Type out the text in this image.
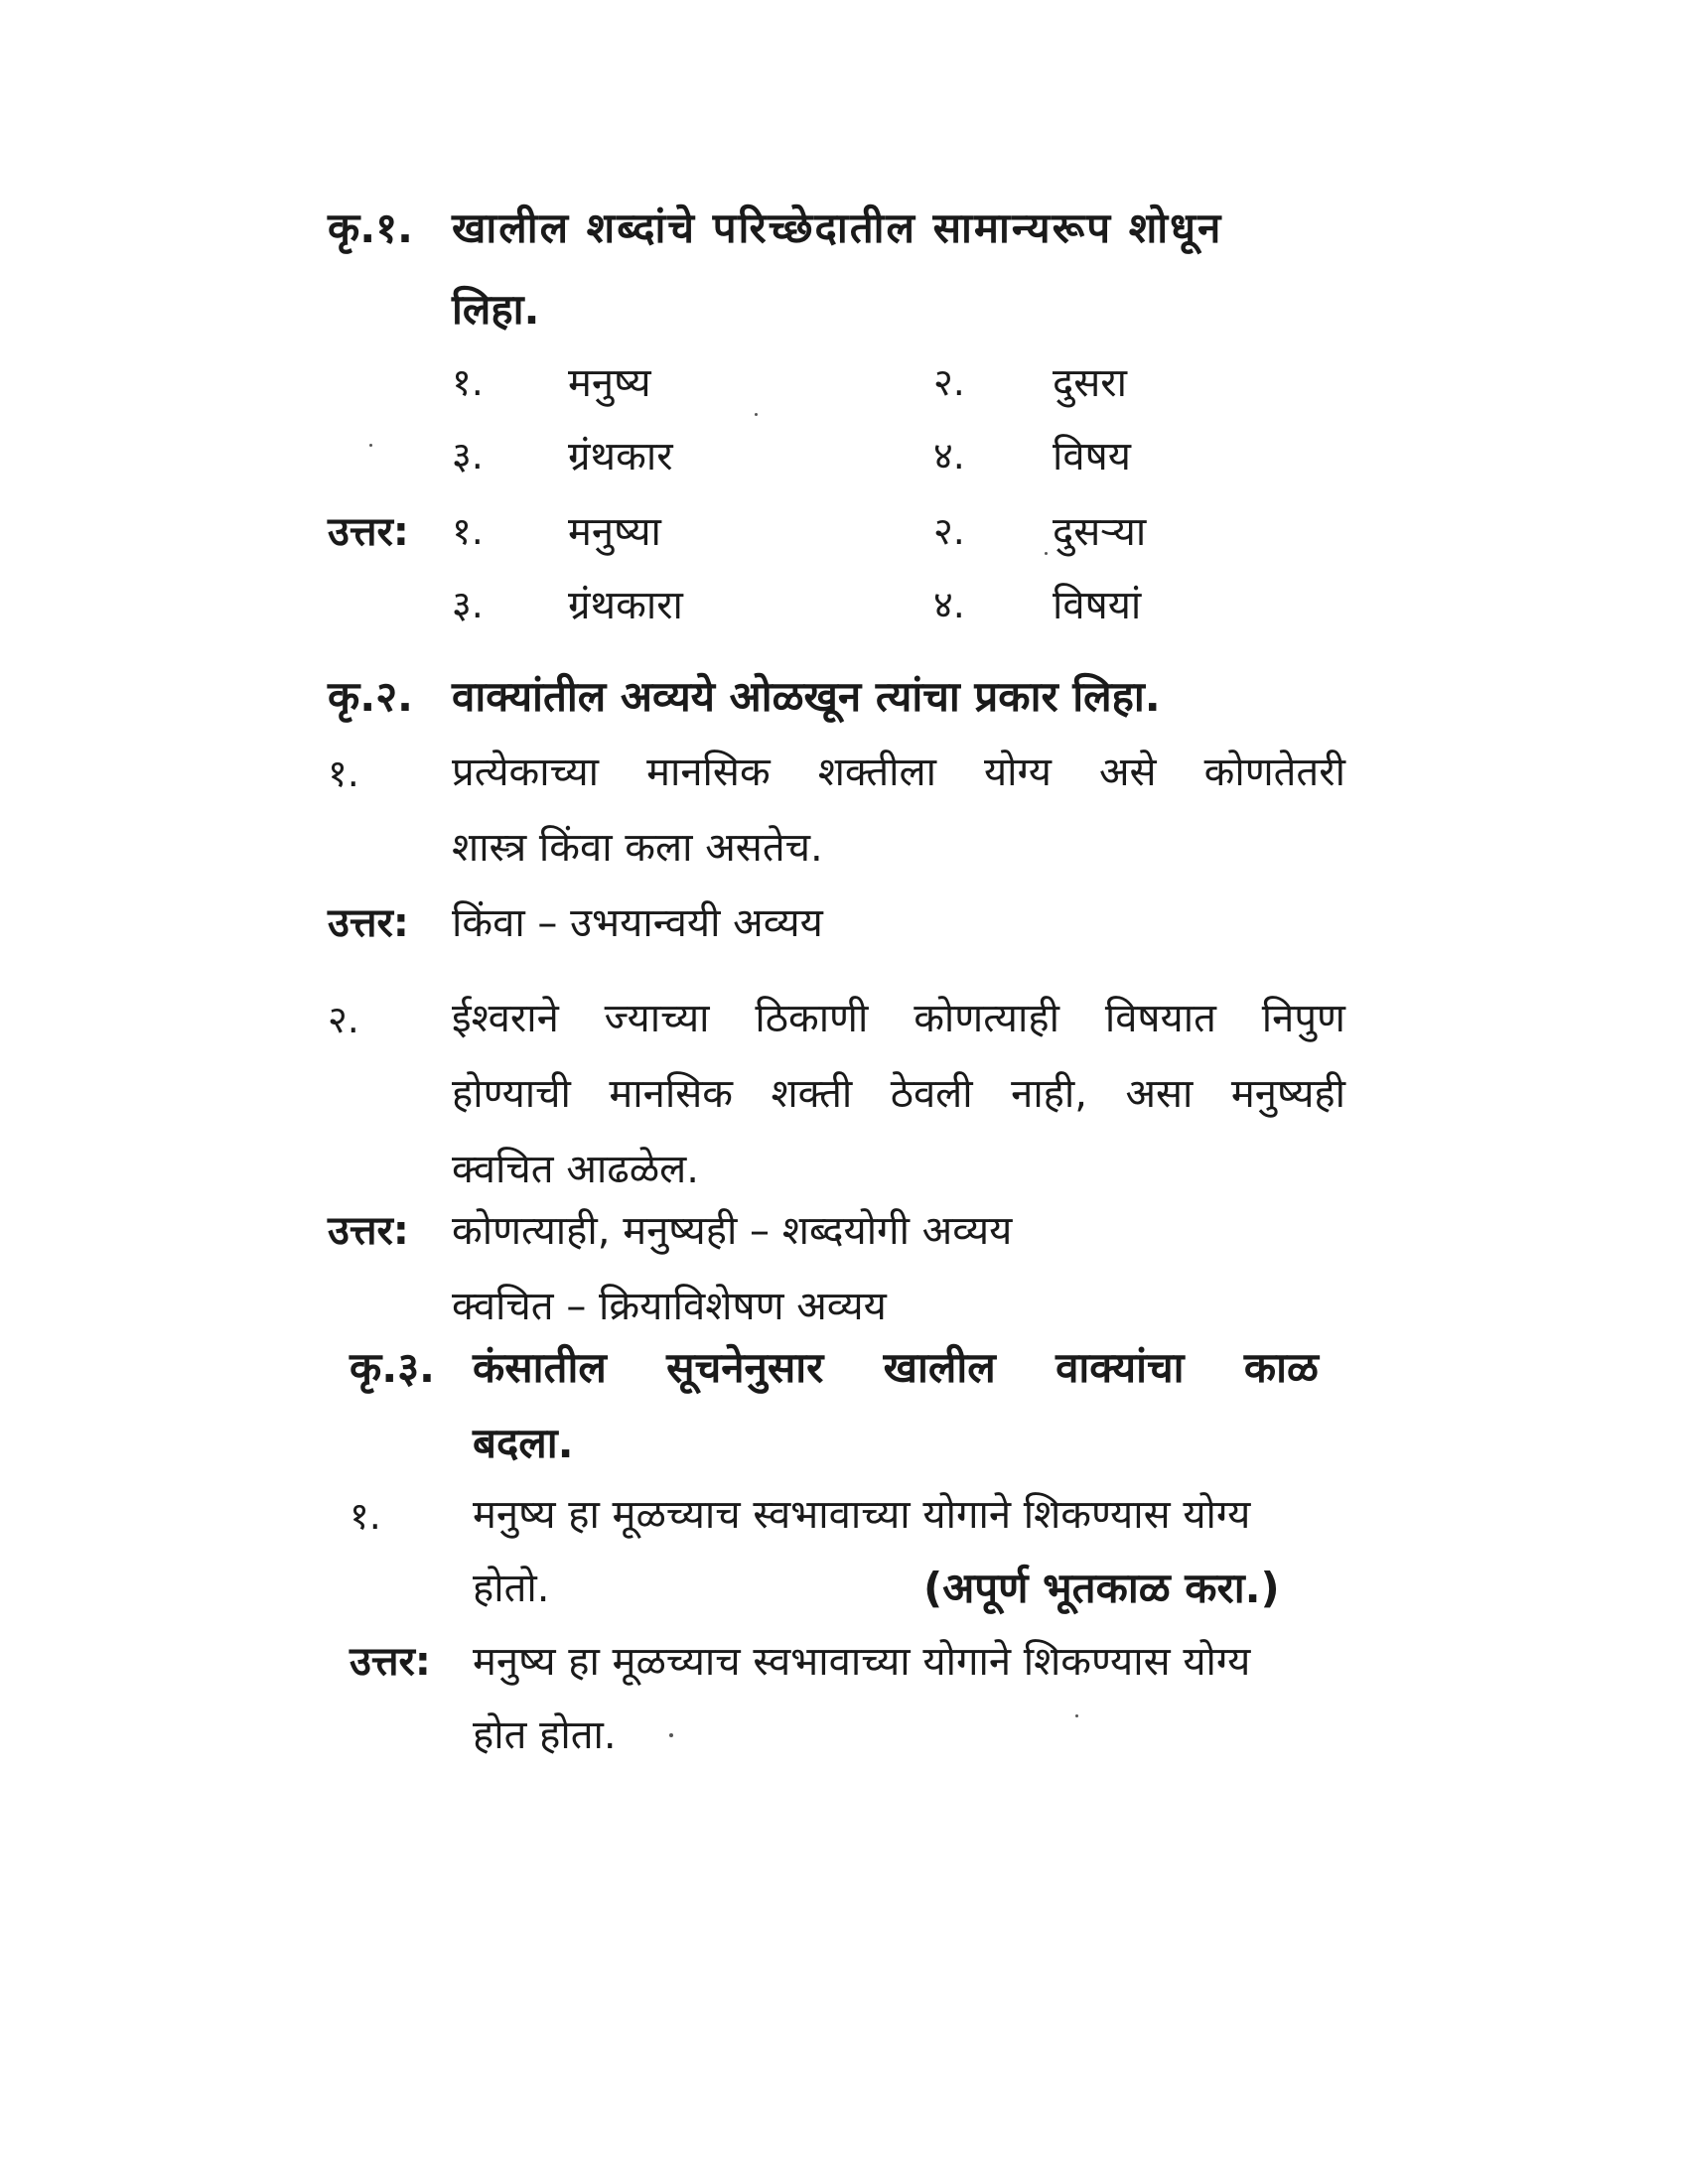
कृ.१. खालील शब्दांचे परिच्छेदातील सामान्यरूप शोधून
लिहा.
१. मनुष्य	२. दुसरा
३. ग्रंथकार	४. विषय
उत्तर: १. मनुष्या	२. दुसऱ्या
३. ग्रंथकारा	४. विषयां
कृ.२. वाक्यांतील अव्यये ओळखून त्यांचा प्रकार लिहा.
१. प्रत्येकाच्या मानसिक शक्तीला योग्य असे कोणतेतरी
शास्त्र किंवा कला असतेच.
उत्तर: किंवा – उभयान्वयी अव्यय
२. ईश्वराने ज्याच्या ठिकाणी कोणत्याही विषयात निपुण
होण्याची मानसिक शक्ती ठेवली नाही, असा मनुष्यही
क्वचित आढळेल.
उत्तर: कोणत्याही, मनुष्यही – शब्दयोगी अव्यय
क्वचित – क्रियाविशेषण अव्यय
कृ.३. कंसातील सूचनेनुसार खालील वाक्यांचा काळ
बदला.
१. मनुष्य हा मूळच्याच स्वभावाच्या योगाने शिकण्यास योग्य
होतो.	(अपूर्ण भूतकाळ करा.)
उत्तर: मनुष्य हा मूळच्याच स्वभावाच्या योगाने शिकण्यास योग्य
होत होता.
